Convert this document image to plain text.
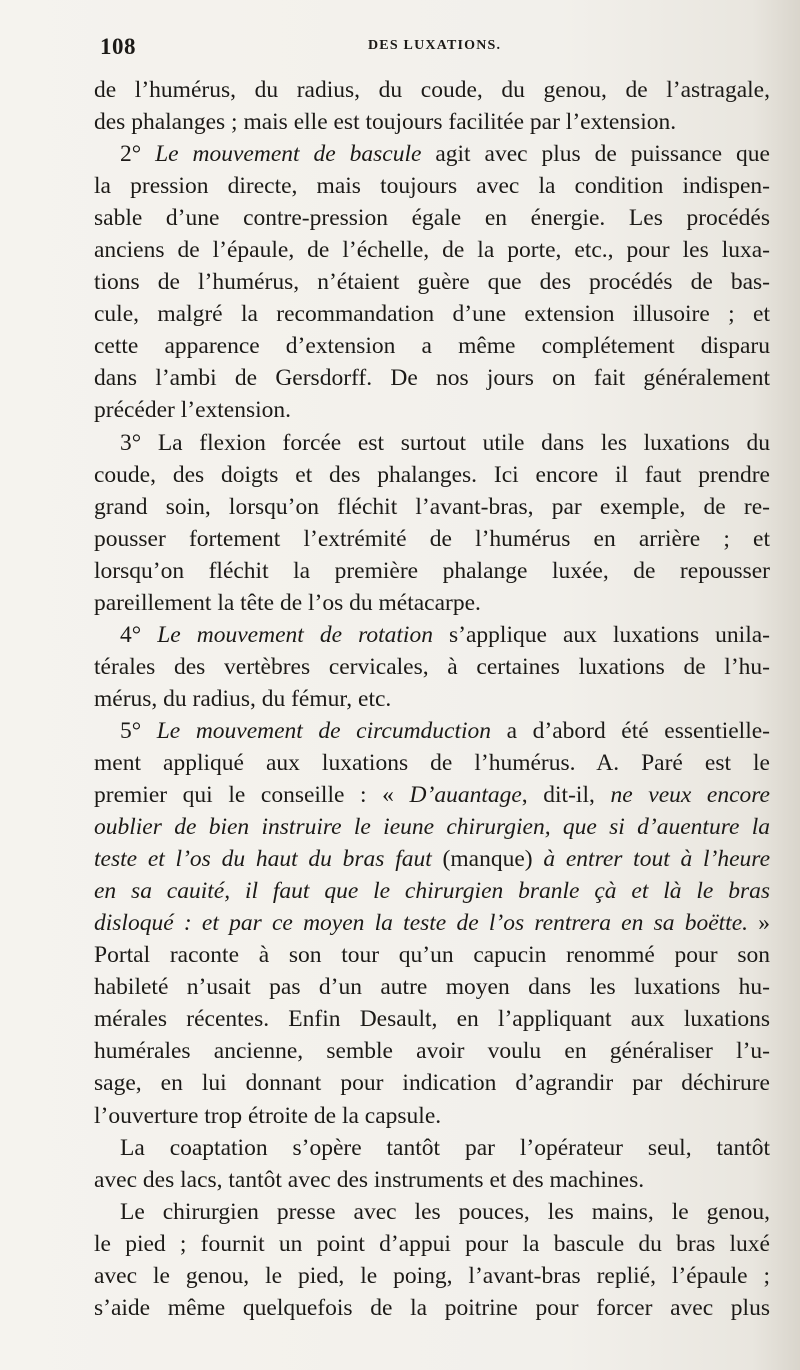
108	DES LUXATIONS.
de l’humérus, du radius, du coude, du genou, de l’astragale,
des phalanges ; mais elle est toujours facilitée par l’extension.
2° Le mouvement de bascule agit avec plus de puissance que
la pression directe, mais toujours avec la condition indispen-
sable d’une contre-pression égale en énergie. Les procédés
anciens de l’épaule, de l’échelle, de la porte, etc., pour les luxa-
tions de l’humérus, n’étaient guère que des procédés de bas-
cule, malgré la recommandation d’une extension illusoire ; et
cette apparence d’extension a même complétement disparu
dans l’ambi de Gersdorff. De nos jours on fait généralement
précéder l’extension.
3° La flexion forcée est surtout utile dans les luxations du
coude, des doigts et des phalanges. Ici encore il faut prendre
grand soin, lorsqu’on fléchit l’avant-bras, par exemple, de re-
pousser fortement l’extrémité de l’humérus en arrière ; et
lorsqu’on fléchit la première phalange luxée, de repousser
pareillement la tête de l’os du métacarpe.
4° Le mouvement de rotation s’applique aux luxations unila-
térales des vertèbres cervicales, à certaines luxations de l’hu-
mérus, du radius, du fémur, etc.
5° Le mouvement de circumduction a d’abord été essentielle-
ment appliqué aux luxations de l’humérus. A. Paré est le
premier qui le conseille : « D’auantage, dit-il, ne veux encore
oublier de bien instruire le ieune chirurgien, que si d’auenture la
teste et l’os du haut du bras faut (manque) à entrer tout à l’heure
en sa cauité, il faut que le chirurgien branle çà et là le bras
disloqué : et par ce moyen la teste de l’os rentrera en sa boëtte. »
Portal raconte à son tour qu’un capucin renommé pour son
habileté n’usait pas d’un autre moyen dans les luxations hu-
mérales récentes. Enfin Desault, en l’appliquant aux luxations
humérales ancienne, semble avoir voulu en généraliser l’u-
sage, en lui donnant pour indication d’agrandir par déchirure
l’ouverture trop étroite de la capsule.
La coaptation s’opère tantôt par l’opérateur seul, tantôt
avec des lacs, tantôt avec des instruments et des machines.
Le chirurgien presse avec les pouces, les mains, le genou,
le pied ; fournit un point d’appui pour la bascule du bras luxé
avec le genou, le pied, le poing, l’avant-bras replié, l’épaule ;
s’aide même quelquefois de la poitrine pour forcer avec plus
